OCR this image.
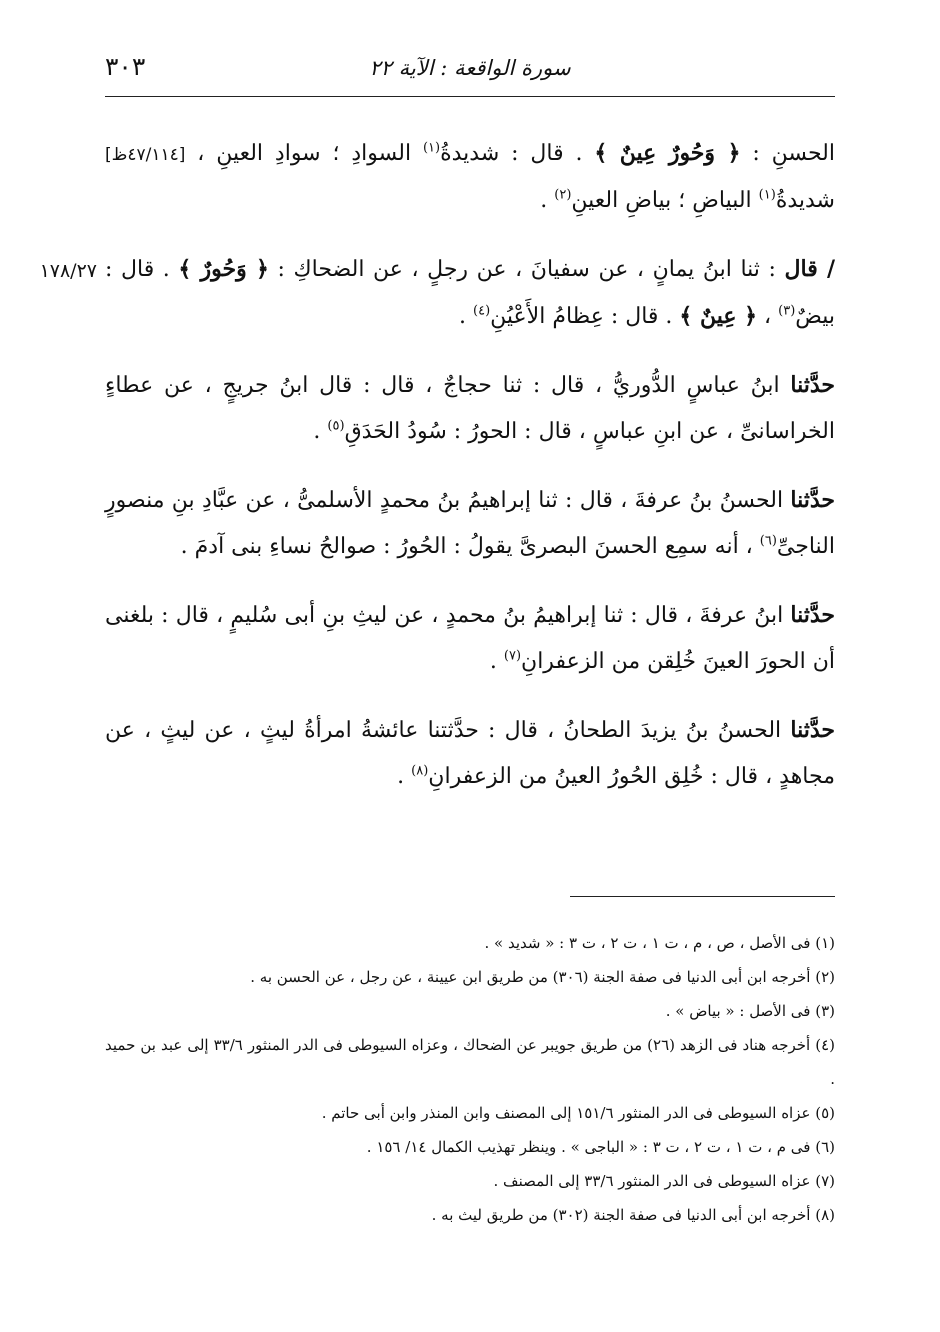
سورة الواقعة : الآية ٢٢
٣٠٣

الحسنِ : ﴿ وَحُورٌ عِينٌ ﴾ . قال : شديدةُ$^{(١)}$ السوادِ ؛ سوادِ العينِ ، [٤٧/١١٤ظ] شديدةُ$^{(١)}$ البياضِ ؛ بياضِ العينِ$^{(٢)}$ .

١٧٨/٢٧	/ قال : ثنا ابنُ يمانٍ ، عن سفيانَ ، عن رجلٍ ، عن الضحاكِ : ﴿ وَحُورٌ ﴾ . قال : بيضٌ$^{(٣)}$ ، ﴿ عِينٌ ﴾ . قال : عِظامُ الأَعْيُنِ$^{(٤)}$ .

حدَّثنا ابنُ عباسٍ الدُّوريُّ ، قال : ثنا حجاجٌ ، قال : قال ابنُ جريجٍ ، عن عطاءٍ الخراسانىِّ ، عن ابنِ عباسٍ ، قال : الحورُ : سُودُ الحَدَقِ$^{(٥)}$ .

حدَّثنا الحسنُ بنُ عرفةَ ، قال : ثنا إبراهيمُ بنُ محمدٍ الأسلمىُّ ، عن عبَّادِ بنِ منصورٍ الناجىِّ$^{(٦)}$ ، أنه سمِع الحسنَ البصرىَّ يقولُ : الحُورُ : صوالحُ نساءِ بنى آدمَ .

حدَّثنا ابنُ عرفةَ ، قال : ثنا إبراهيمُ بنُ محمدٍ ، عن ليثِ بنِ أبى سُليمٍ ، قال : بلغنى أن الحورَ العينَ خُلِقن من الزعفرانِ$^{(٧)}$ .

حدَّثنا الحسنُ بنُ يزيدَ الطحانُ ، قال : حدَّثتنا عائشةُ امرأةُ ليثٍ ، عن ليثٍ ، عن مجاهدٍ ، قال : خُلِق الحُورُ العينُ من الزعفرانِ$^{(٨)}$ .

(١) فى الأصل ، ص ، م ، ت ١ ، ت ٢ ، ت ٣ : « شديد » .

(٢) أخرجه ابن أبى الدنيا فى صفة الجنة (٣٠٦) من طريق ابن عيينة ، عن رجل ، عن الحسن به .

(٣) فى الأصل : « بياض » .

(٤) أخرجه هناد فى الزهد (٢٦) من طريق جويبر عن الضحاك ، وعزاه السيوطى فى الدر المنثور ٣٣/٦ إلى عبد بن حميد .

(٥) عزاه السيوطى فى الدر المنثور ١٥١/٦ إلى المصنف وابن المنذر وابن أبى حاتم .

(٦) فى م ، ت ١ ، ت ٢ ، ت ٣ : « الباجى » . وينظر تهذيب الكمال ١٤/ ١٥٦ .

(٧) عزاه السيوطى فى الدر المنثور ٣٣/٦ إلى المصنف .

(٨) أخرجه ابن أبى الدنيا فى صفة الجنة (٣٠٢) من طريق ليث به .
